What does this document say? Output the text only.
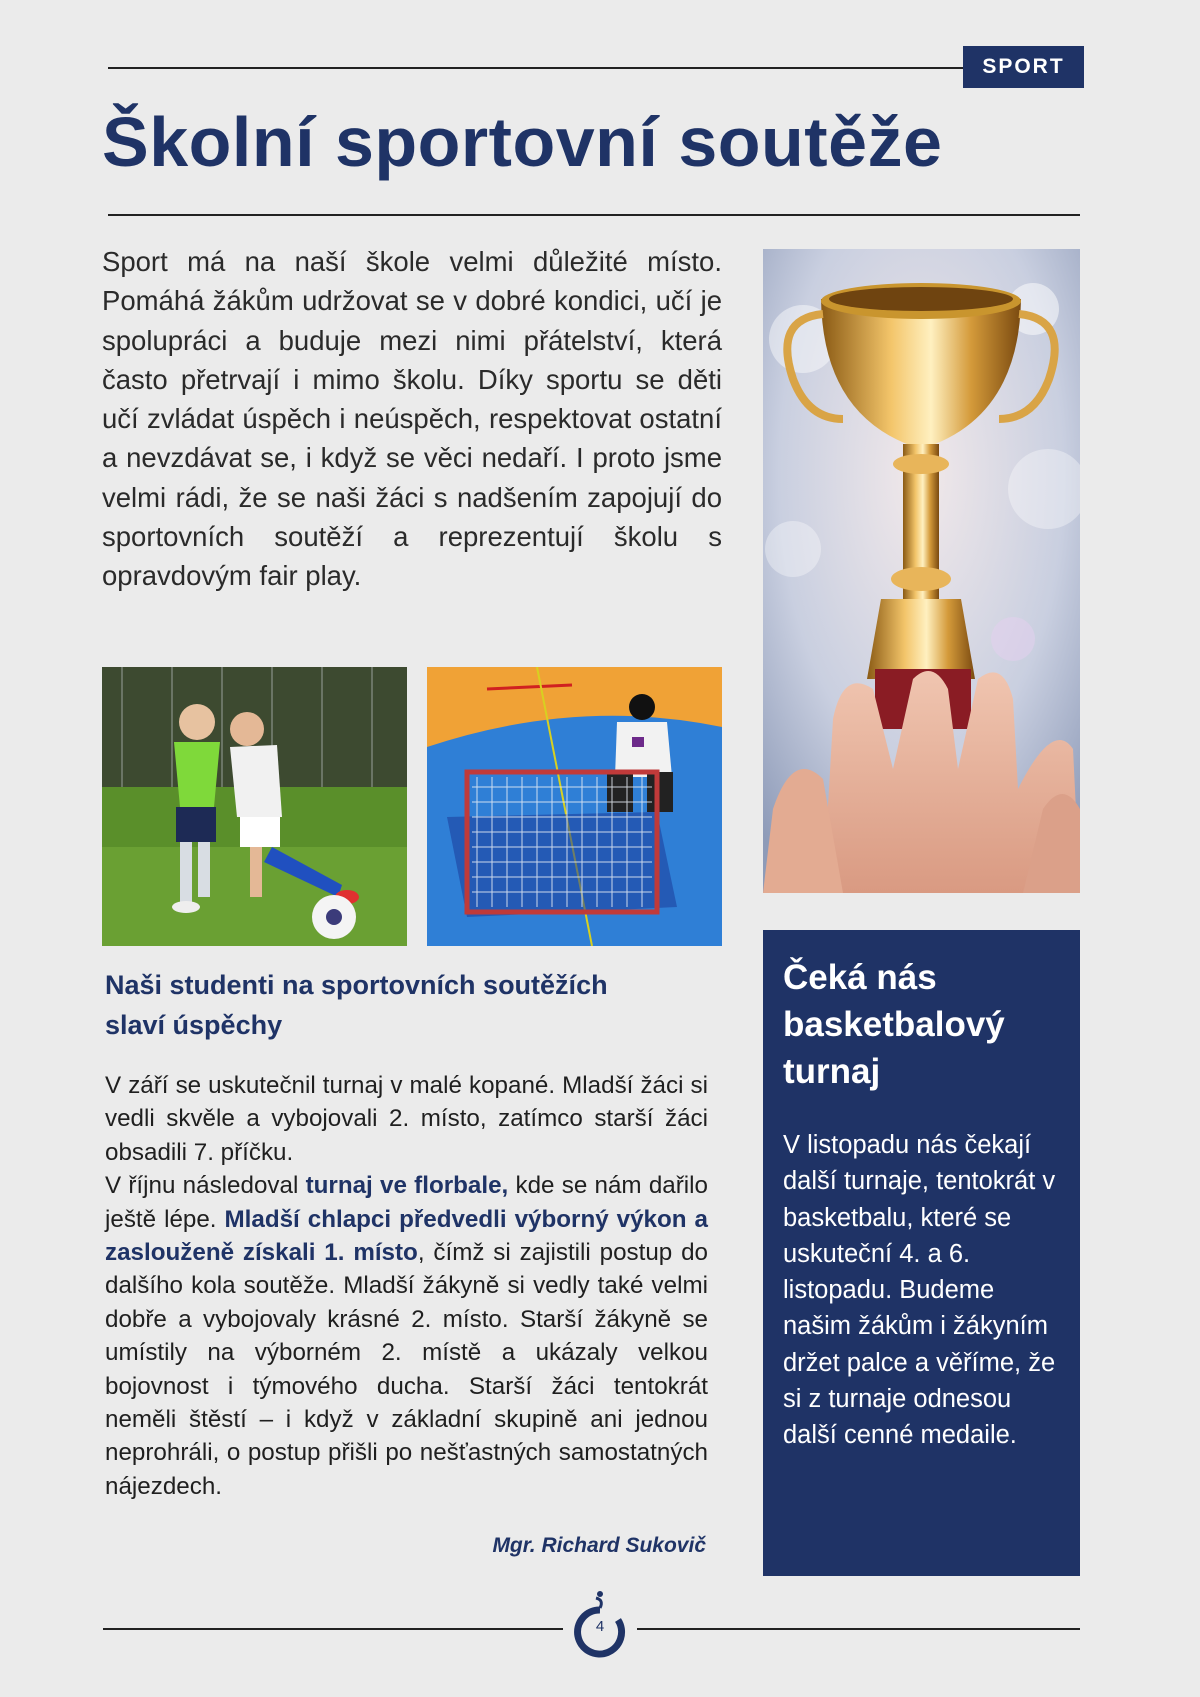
SPORT
Školní sportovní soutěže

Sport má na naší škole velmi důležité místo. Pomáhá žákům udržovat se v dobré kondici, učí je spolupráci a buduje mezi nimi přátelství, která často přetrvají i mimo školu. Díky sportu se děti učí zvládat úspěch i neúspěch, respektovat ostatní a nevzdávat se, i když se věci nedaří. I proto jsme velmi rádi, že se naši žáci s nadšením zapojují do sportovních soutěží a reprezentují školu s opravdovým fair play.

Naši studenti na sportovních soutěžích slaví úspěchy

V září se uskutečnil turnaj v malé kopané. Mladší žáci si vedli skvěle a vybojovali 2. místo, zatímco starší žáci obsadili 7. příčku.

V říjnu následoval turnaj ve florbale, kde se nám dařilo ještě lépe. Mladší chlapci předvedli výborný výkon a zaslouženě získali 1. místo, čímž si zajistili postup do dalšího kola soutěže. Mladší žákyně si vedly také velmi dobře a vybojovaly krásné 2. místo. Starší žákyně se umístily na výborném 2. místě a ukázaly velkou bojovnost i týmového ducha. Starší žáci tentokrát neměli štěstí – i když v základní skupině ani jednou neprohráli, o postup přišli po nešťastných samostatných nájezdech.

Mgr. Richard Sukovič
Čeká nás basketbalový turnaj
V listopadu nás čekají další turnaje, tentokrát v basketbalu, které se uskuteční 4. a 6. listopadu. Budeme našim žákům i žákyním držet palce a věříme, že si z turnaje odnesou další cenné medaile.
4
